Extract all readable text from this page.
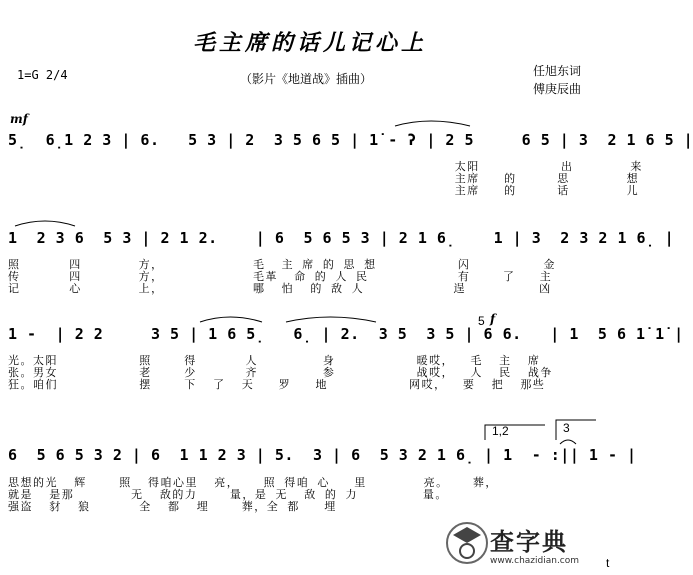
毛主席的话儿记心上
1=G 2/4	（影片《地道战》插曲）
任旭东词
傅庚辰曲
mf
f
5
1,2	3
t
5̣  6̣1 2 3 | 6.   5 3 | 2  3 5 6 5 | 1̇ - ʔ | 2 5     6 5 | 3  2 1 6 5 |
太阳          出       来
主席   的     思       想
主席   的     话       儿
1  2 3 6  5 3 | 2 1 2.    | 6  5 6 5 3 | 2 1 6̣    1 | 3  2 3 2 1 6̣ |
照      四       方，           毛  主 席 的 思 想          闪         金
传      四       方，           毛革  命 的 人 民           有    了   主
记      心       上，           哪  怕  的 敌 人           逞         凶
1 -  | 2 2     3 5 | 1 6 5̣   6̣ | 2.  3 5  3 5 | 6 6.   | 1  5 6 1̇ 1̇ |
光。太阳          照    得      人        身          暖哎，  毛  主  席
张。男女          老    少      齐        参          战哎，  人  民  战争
狂。咱们          摆    下  了  天   罗   地          网哎，  要  把  那些
6  5 6 5 3 2 | 6  1 1 2 3 | 5.  3 | 6  5 3 2 1 6̣ | 1  - :|| 1 - |
思想的光  辉    照  得咱心里  亮，   照 得咱 心   里       亮。   葬，
就是  是那       无  敌的力    量，是 无  敌 的 力        量。
强盗  豺  狼      全  都  埋    葬，全 都   埋
查字典
www.chazidian.com
